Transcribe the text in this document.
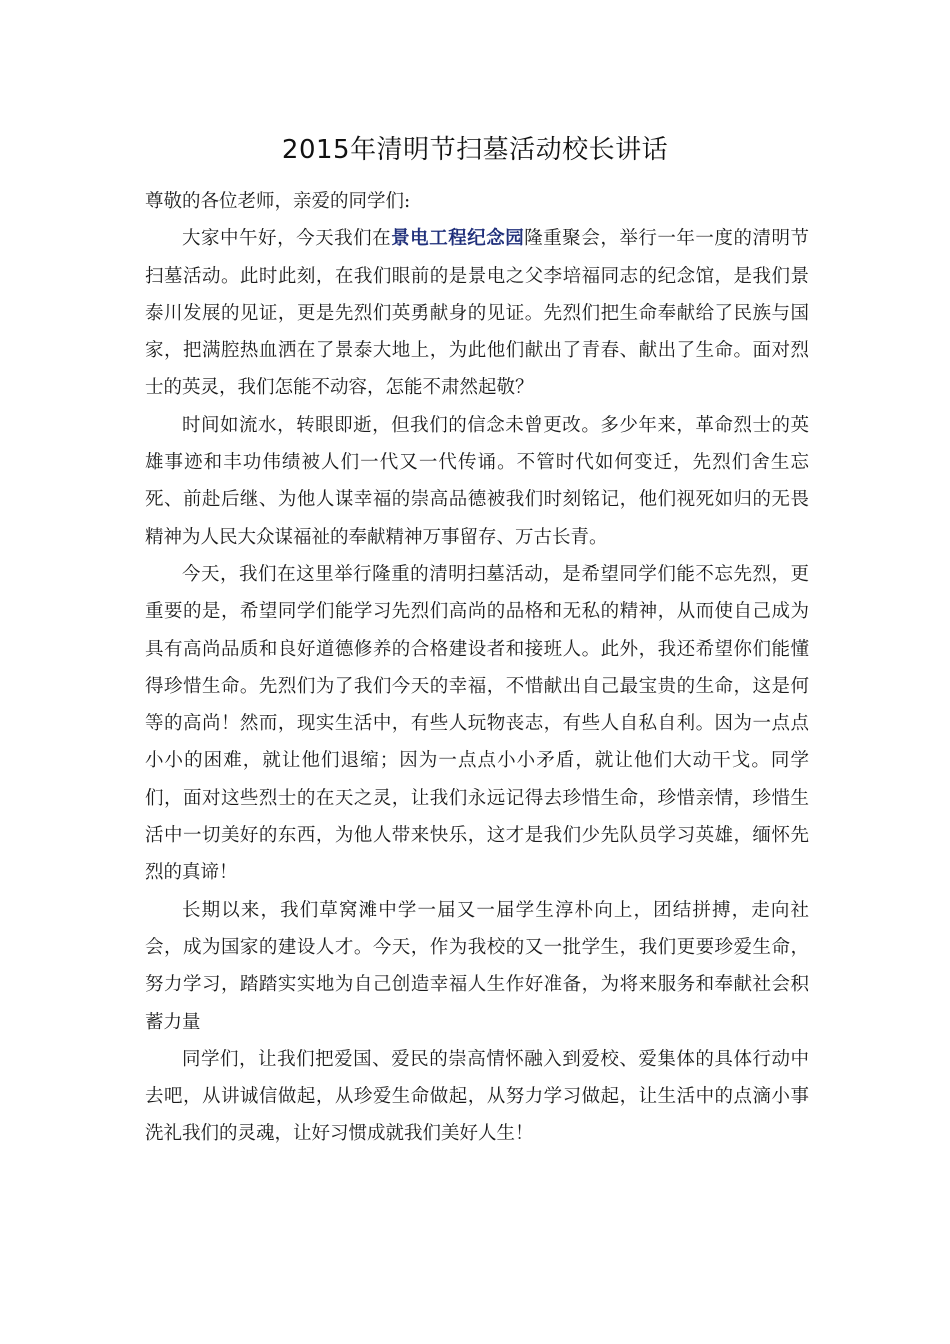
2015年清明节扫墓活动校长讲话

尊敬的各位老师，亲爱的同学们:

大家中午好，今天我们在景电工程纪念园隆重聚会，举行一年一度的清明节扫墓活动。此时此刻，在我们眼前的是景电之父李培福同志的纪念馆，是我们景泰川发展的见证，更是先烈们英勇献身的见证。先烈们把生命奉献给了民族与国家，把满腔热血洒在了景泰大地上，为此他们献出了青春、献出了生命。面对烈士的英灵，我们怎能不动容，怎能不肃然起敬？

时间如流水，转眼即逝，但我们的信念未曾更改。多少年来，革命烈士的英雄事迹和丰功伟绩被人们一代又一代传诵。不管时代如何变迁，先烈们舍生忘死、前赴后继、为他人谋幸福的崇高品德被我们时刻铭记，他们视死如归的无畏精神为人民大众谋福祉的奉献精神万事留存、万古长青。

今天，我们在这里举行隆重的清明扫墓活动，是希望同学们能不忘先烈，更重要的是，希望同学们能学习先烈们高尚的品格和无私的精神，从而使自己成为具有高尚品质和良好道德修养的合格建设者和接班人。此外，我还希望你们能懂得珍惜生命。先烈们为了我们今天的幸福，不惜献出自己最宝贵的生命，这是何等的高尚！然而，现实生活中，有些人玩物丧志，有些人自私自利。因为一点点小小的困难，就让他们退缩；因为一点点小小矛盾，就让他们大动干戈。同学们，面对这些烈士的在天之灵，让我们永远记得去珍惜生命，珍惜亲情，珍惜生活中一切美好的东西，为他人带来快乐，这才是我们少先队员学习英雄，缅怀先烈的真谛！

长期以来，我们草窝滩中学一届又一届学生淳朴向上，团结拼搏，走向社会，成为国家的建设人才。今天，作为我校的又一批学生，我们更要珍爱生命，努力学习，踏踏实实地为自己创造幸福人生作好准备，为将来服务和奉献社会积蓄力量

同学们，让我们把爱国、爱民的崇高情怀融入到爱校、爱集体的具体行动中去吧，从讲诚信做起，从珍爱生命做起，从努力学习做起，让生活中的点滴小事洗礼我们的灵魂，让好习惯成就我们美好人生！
